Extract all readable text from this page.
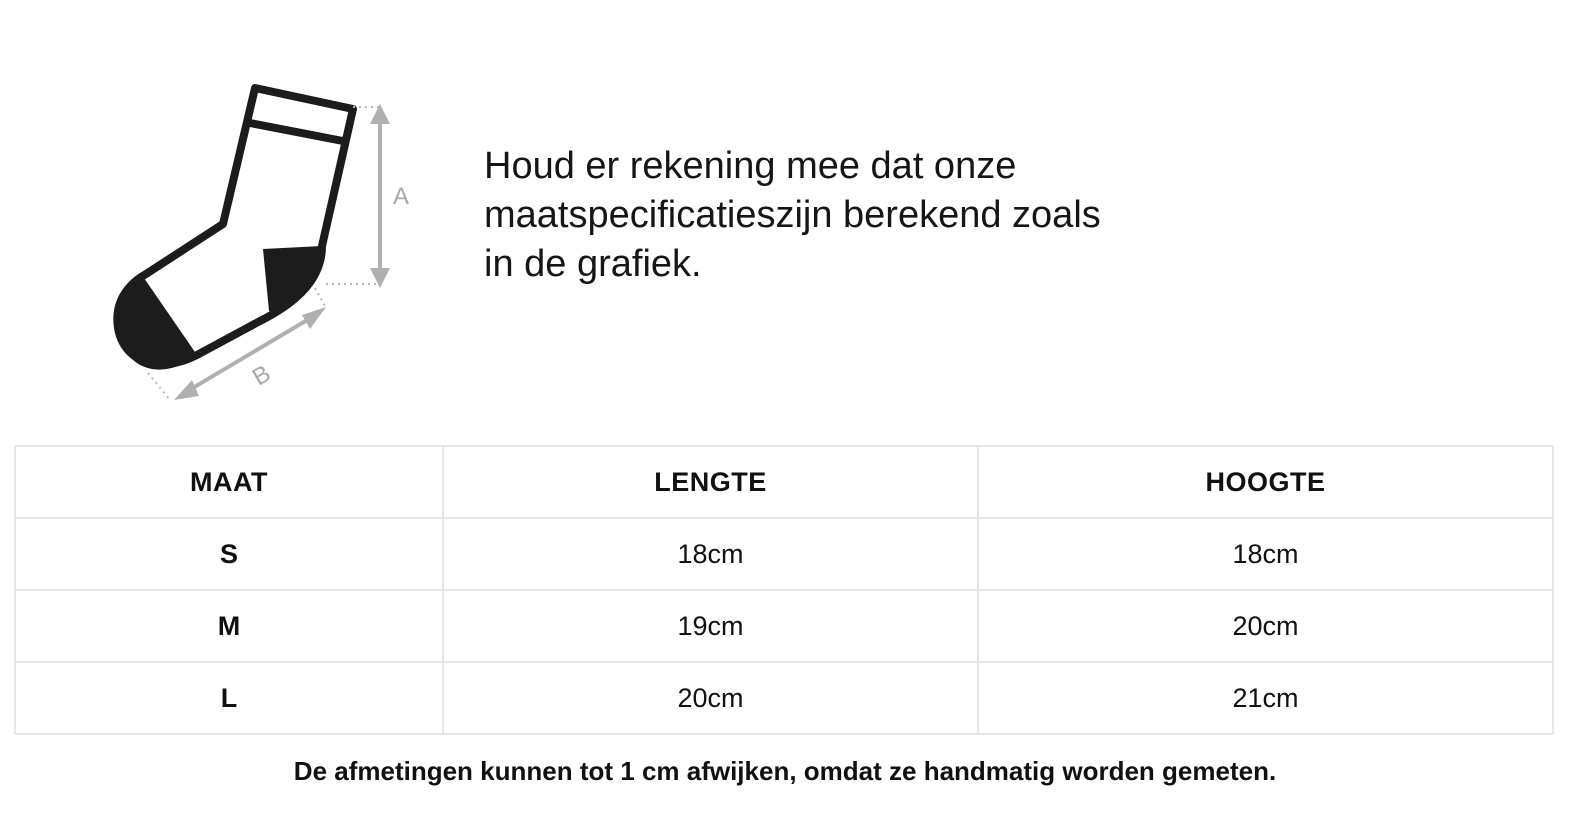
A
B

Houd er rekening mee dat onze
maatspecificatieszijn berekend zoals
in de grafiek.

MAAT	LENGTE	HOOGTE
S	18cm	18cm
M	19cm	20cm
L	20cm	21cm

De afmetingen kunnen tot 1 cm afwijken, omdat ze handmatig worden gemeten.
